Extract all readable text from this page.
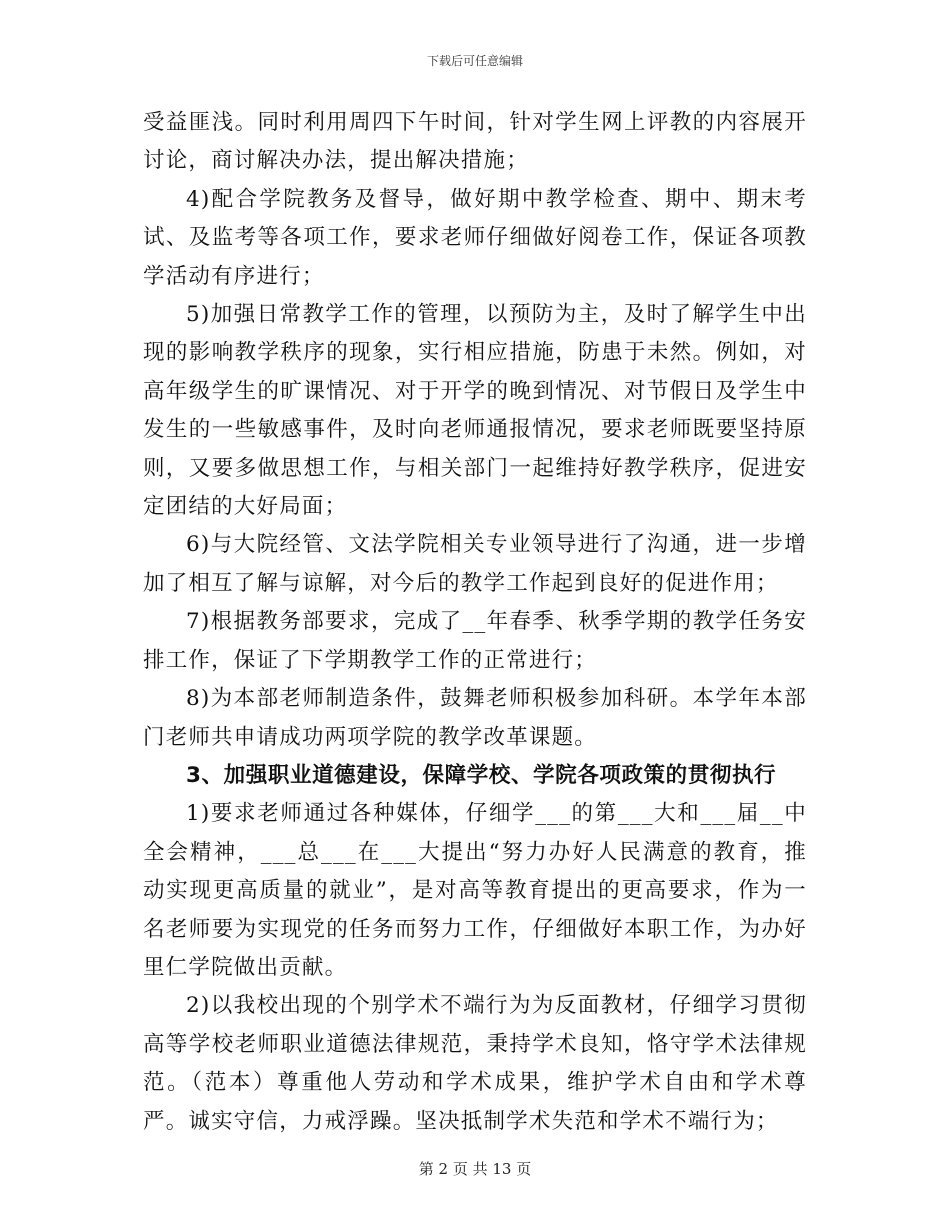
下载后可任意编辑

受益匪浅。同时利用周四下午时间，针对学生网上评教的内容展开讨论，商讨解决办法，提出解决措施；

4)配合学院教务及督导，做好期中教学检查、期中、期末考试、及监考等各项工作，要求老师仔细做好阅卷工作，保证各项教学活动有序进行；

5)加强日常教学工作的管理，以预防为主，及时了解学生中出现的影响教学秩序的现象，实行相应措施，防患于未然。例如，对高年级学生的旷课情况、对于开学的晚到情况、对节假日及学生中发生的一些敏感事件，及时向老师通报情况，要求老师既要坚持原则，又要多做思想工作，与相关部门一起维持好教学秩序，促进安定团结的大好局面；

6)与大院经管、文法学院相关专业领导进行了沟通，进一步增加了相互了解与谅解，对今后的教学工作起到良好的促进作用；

7)根据教务部要求，完成了__年春季、秋季学期的教学任务安排工作，保证了下学期教学工作的正常进行；

8)为本部老师制造条件，鼓舞老师积极参加科研。本学年本部门老师共申请成功两项学院的教学改革课题。

3、加强职业道德建设，保障学校、学院各项政策的贯彻执行

1)要求老师通过各种媒体，仔细学___的第___大和___届__中全会精神，___总___在___大提出“努力办好人民满意的教育，推动实现更高质量的就业”，是对高等教育提出的更高要求，作为一名老师要为实现党的任务而努力工作，仔细做好本职工作，为办好里仁学院做出贡献。

2)以我校出现的个别学术不端行为为反面教材，仔细学习贯彻高等学校老师职业道德法律规范，秉持学术良知，恪守学术法律规范。（范本）尊重他人劳动和学术成果，维护学术自由和学术尊严。诚实守信，力戒浮躁。坚决抵制学术失范和学术不端行为；

第 2 页 共 13 页
